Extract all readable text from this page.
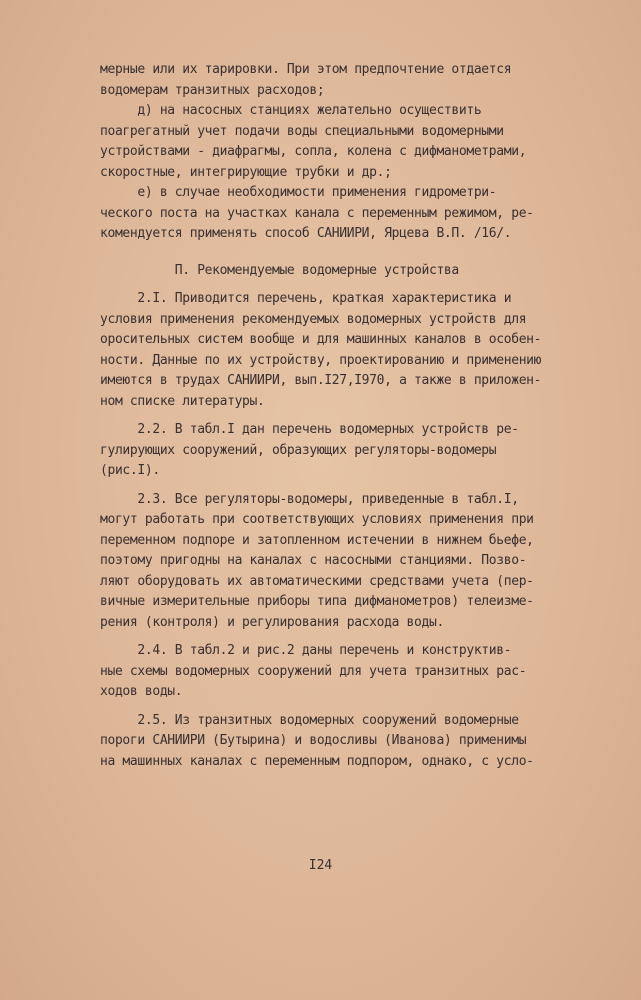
мерные или их тарировки. При этом предпочтение отдается
водомерам транзитных расходов;
д) на насосных станциях желательно осуществить
поагрегатный учет подачи воды специальными водомерными
устройствами - диафрагмы, сопла, колена с дифманометрами,
скоростные, интегрирующие трубки и др.;
е) в случае необходимости применения гидрометри-
ческого поста на участках канала с переменным режимом, ре-
комендуется применять способ САНИИРИ, Ярцева В.П. /16/.
П. Рекомендуемые водомерные устройства
2.I. Приводится перечень, краткая характеристика и
условия применения рекомендуемых водомерных устройств для
оросительных систем вообще и для машинных каналов в особен-
ности. Данные по их устройству, проектированию и применению
имеются в трудах САНИИРИ, вып.I27,I970, а также в приложен-
ном списке литературы.
2.2. В табл.I дан перечень водомерных устройств ре-
гулирующих сооружений, образующих регуляторы-водомеры
(рис.I).
2.3. Все регуляторы-водомеры, приведенные в табл.I,
могут работать при соответствующих условиях применения при
переменном подпоре и затопленном истечении в нижнем бьефе,
поэтому пригодны на каналах с насосными станциями. Позво-
ляют оборудовать их автоматическими средствами учета (пер-
вичные измерительные приборы типа дифманометров) телеизме-
рения (контроля) и регулирования расхода воды.
2.4. В табл.2 и рис.2 даны перечень и конструктив-
ные схемы водомерных сооружений для учета транзитных рас-
ходов воды.
2.5. Из транзитных водомерных сооружений водомерные
пороги САНИИРИ (Бутырина) и водосливы (Иванова) применимы
на машинных каналах с переменным подпором, однако, с усло-
I24
